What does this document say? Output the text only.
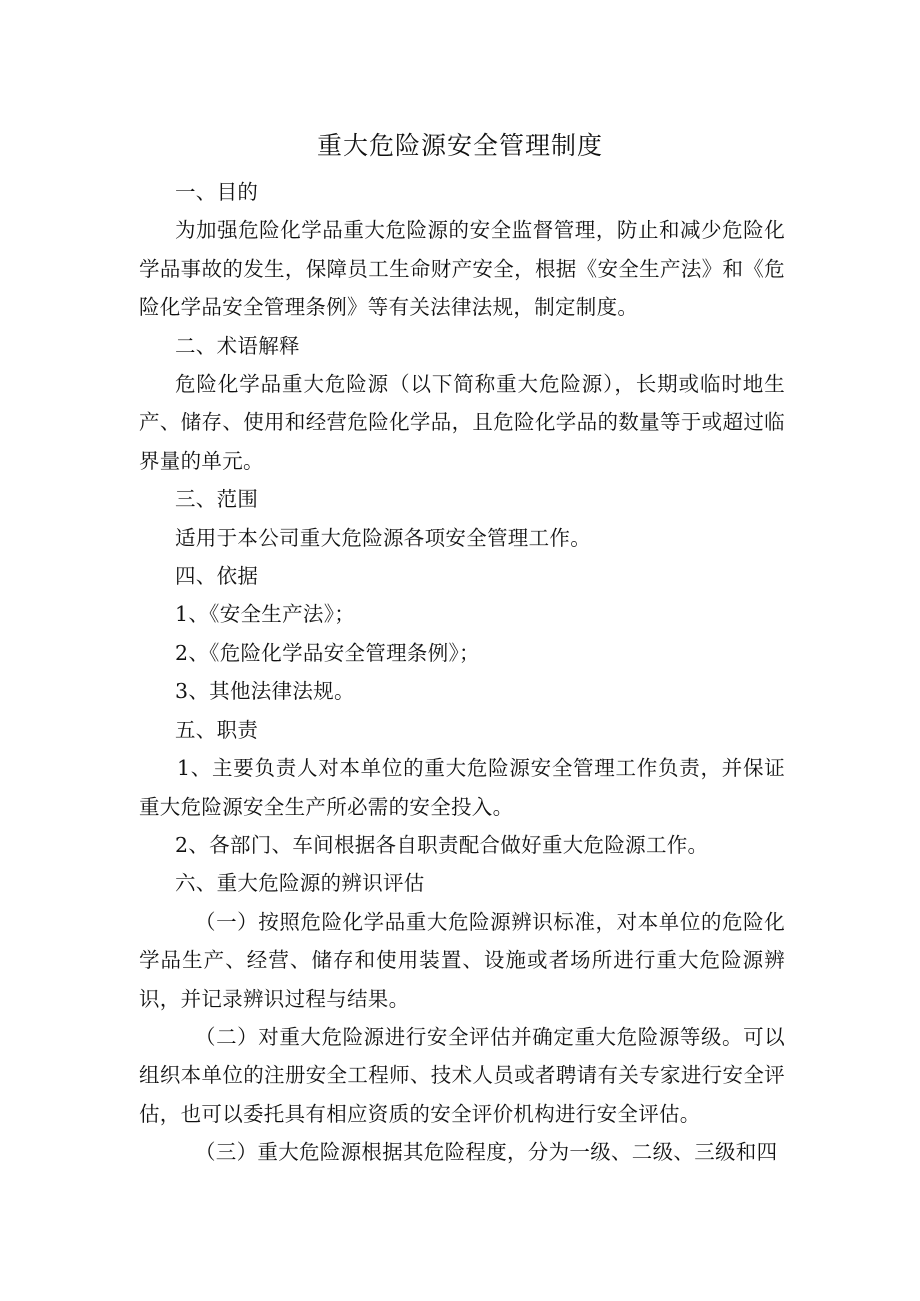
重大危险源安全管理制度

一、目的

为加强危险化学品重大危险源的安全监督管理，防止和减少危险化学品事故的发生，保障员工生命财产安全，根据《安全生产法》和《危险化学品安全管理条例》等有关法律法规，制定制度。

二、术语解释

危险化学品重大危险源（以下简称重大危险源），长期或临时地生产、储存、使用和经营危险化学品，且危险化学品的数量等于或超过临界量的单元。

三、范围

适用于本公司重大危险源各项安全管理工作。

四、依据

1、《安全生产法》；

2、《危险化学品安全管理条例》；

3、其他法律法规。

五、职责

1、主要负责人对本单位的重大危险源安全管理工作负责，并保证重大危险源安全生产所必需的安全投入。

2、各部门、车间根据各自职责配合做好重大危险源工作。

六、重大危险源的辨识评估

（一）按照危险化学品重大危险源辨识标准，对本单位的危险化学品生产、经营、储存和使用装置、设施或者场所进行重大危险源辨识，并记录辨识过程与结果。

（二）对重大危险源进行安全评估并确定重大危险源等级。可以组织本单位的注册安全工程师、技术人员或者聘请有关专家进行安全评估，也可以委托具有相应资质的安全评价机构进行安全评估。

（三）重大危险源根据其危险程度，分为一级、二级、三级和四
